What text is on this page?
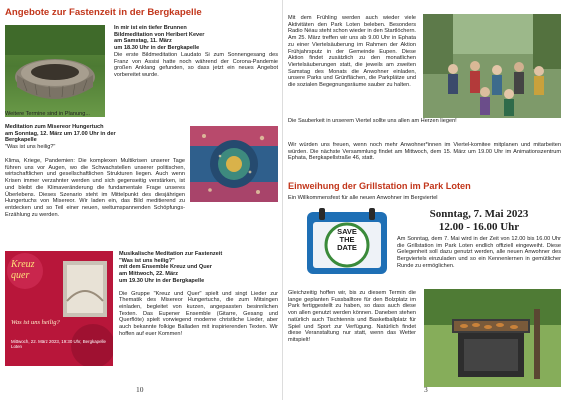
Angebote zur Fastenzeit in der Bergkapelle

In mir ist ein tiefer Brunnen

Bildmeditation von Heribert Kever

am Samstag, 11. März

um 18.30 Uhr in der Bergkapelle

Die erste Bildmeditation Laudato Si zum Sonnengesang des Franz von Assisi hatte noch während der Corona-Pandemie großen Anklang gefunden, so dass jetzt ein neues Angebot vorbereitet wurde.

Weitere Termine sind in Planung...

Meditation zum Misereor Hungertuch

am Sonntag, 12. März um 17.00 Uhr in der

Bergkapelle

"Was ist uns heilig?"

Klima, Kriege, Pandemien: Die komplexen Multikrisen unserer Tage führen uns vor Augen, wo die Schwachstellen unserer politischen, wirtschaftlichen und gesellschaftlichen Strukturen liegen. Auch wenn Krisen immer verzahnter werden und sich gegenseitig verstärken, ist und bleibt die Klimaveränderung die fundamentale Frage unseres Überlebens. Dieses Szenario steht im Mittelpunkt des diesjährigen Hungertuchs von Misereor. Wir laden ein, das Bild meditierend zu entdecken und so Teil einer neuen, weltumspannenden Schöpfungs-Erzählung zu werden.

Kreuz
quer
Was ist uns heilig?
Mittwoch, 22. März 2023, 19:30 Uhr, Bergkapelle Loten

Musikalische Meditation zur Fastenzeit

"Was ist uns heilig?"

mit dem Ensemble Kreuz und Quer

am Mittwoch, 22. März

um 19.30 Uhr in der Bergkapelle

Die Gruppe "Kreuz und Quer" spielt und singt Lieder zur Thematik des Misereor Hungertuchs, die zum Mitsingen einladen, begleitet von kurzen, angepassten besinnlichen Texten. Das Eupener Ensemble (Gitarre, Gesang und Querflöte) spielt vorwiegend moderne christliche Lieder, aber auch bekannte folkige Balladen mit inspirierenden Texten. Wir hoffen auf euer Kommen!

10

Mit dem Frühling werden auch wieder viele Aktivitäten den Park Loten beleben. Besonders Radio Néau steht schon wieder in den Startlöchern. Am 25. März treffen wir uns ab 9.00 Uhr in Ephata zu einer Viertelsäuberung im Rahmen der Aktion Frühjahrsputz in der Gemeinde Eupen. Diese Aktion findet zusätzlich zu den monatlichen Viertelsäuberungen statt, die jeweils am zweiten Samstag des Monats die Anwohner einladen, unsere Parks und Grünflächen, die Parkplätze und die sozialen Begegnungsräume sauber zu halten.

Die Sauberkeit in unserem Viertel sollte uns allen am Herzen liegen!

Wir würden uns freuen, wenn noch mehr Anwohner*innen im Viertel-komitee mitplanen und mitarbeiten würden. Die nächste Versammlung findet am Mittwoch, dem 15. März um 19.00 Uhr im Animationszentrum Ephata, Bergkapellstraße 46, statt.

Einweihung der Grillstation im Park Loten

Ein Willkommensfest für alle neuen Anwohner im Bergviertel

SAVE
THE
DATE
Sonntag, 7. Mai 2023
12.00 - 16.00 Uhr

Am Sonntag, dem 7. Mai wird in der Zeit von 12.00 bis 16.00 Uhr die Grillstation im Park Loten endlich offiziell eingeweiht. Diese Gelegenheit soll dazu genutzt werden, alle neuen Anwohner des Bergviertels einzuladen und so ein Kennenlernen in gemütlicher Runde zu ermöglichen.

Gleichzeitig hoffen wir, bis zu diesem Termin die lange geplanten Fussballtore für den Bolzplatz im Park fertiggestellt zu haben, so dass auch diese von allen genutzt werden können. Daneben stehen natürlich auch Tischtennis und Basketballplatz für Spiel und Sport zur Verfügung. Natürlich findet diese Veranstaltung nur statt, wenn das Wetter mitspielt!

3
